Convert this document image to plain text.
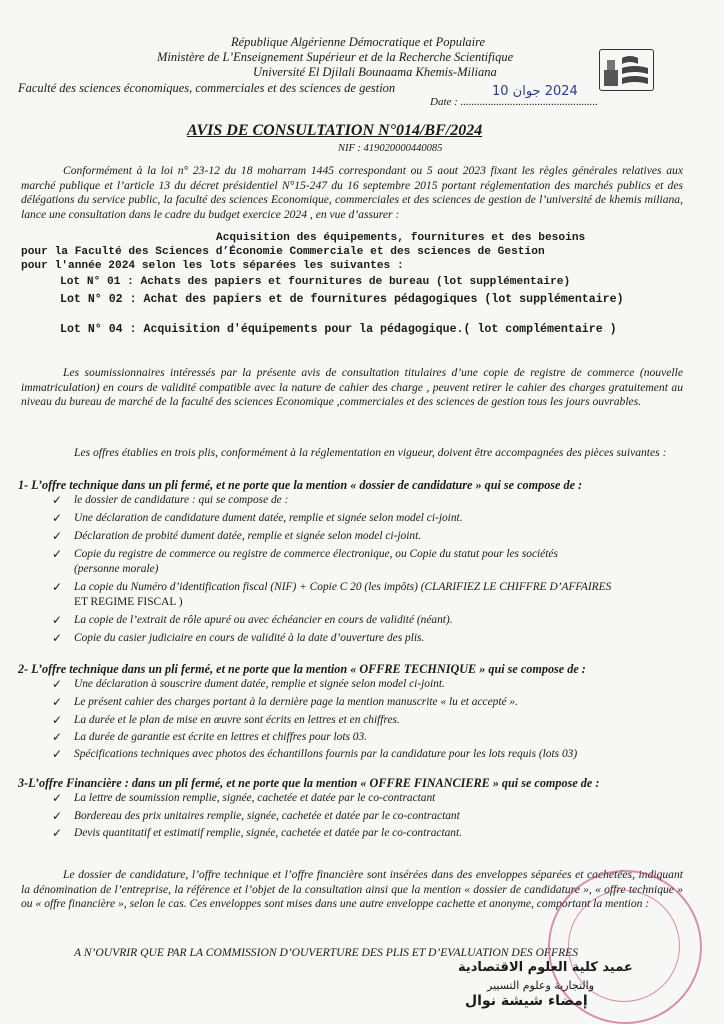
République Algérienne Démocratique et Populaire
Ministère de L’Enseignement Supérieur et de la Recherche Scientifique
Université El Djilali Bounaama Khemis-Miliana
Faculté des sciences économiques, commerciales et des sciences de gestion
Date : ..................................................
2024 جوان 10
AVIS DE CONSULTATION N°014/BF/2024
NIF : 419020000440085
Conformément à la loi n° 23-12 du 18 moharram 1445 correspondant ou 5 aout 2023 fixant les règles générales relatives aux marché publique et l’article 13 du décret présidentiel N°15-247 du 16 septembre 2015 portant réglementation des marchés publics et des délégations du service public, la faculté des sciences Economique, commerciales et des sciences de gestion de l’université de khemis miliana, lance une consultation dans le cadre du budget exercice 2024 , en vue d’assurer :
Acquisition des équipements, fournitures et des besoins
pour la Faculté des Sciences d’Économie Commerciale et des sciences de Gestion
pour l'année 2024 selon les lots séparées les suivantes :
Lot N° 01 : Achats des papiers et fournitures de bureau (lot supplémentaire)
Lot N° 02 : Achat des papiers et de fournitures pédagogiques (lot supplémentaire)
Lot N° 04 : Acquisition d'équipements pour la pédagogique.( lot complémentaire )
Les soumissionnaires intéressés par la présente avis de consultation titulaires d’une copie de registre de commerce (nouvelle immatriculation) en cours de validité compatible avec la nature de cahier des charge , peuvent retirer le cahier des charges gratuitement au niveau du bureau de marché de la faculté des sciences Economique ,commerciales et des sciences de gestion tous les jours ouvrables.
Les offres établies en trois plis, conformément à la réglementation en vigueur, doivent être accompagnées des pièces suivantes :
1- L’offre technique dans un pli fermé, et ne porte que la mention « dossier de candidature » qui se compose de :
✓ le dossier de candidature : qui se compose de :
✓ Une déclaration de candidature dument datée, remplie et signée selon model ci-joint.
✓ Déclaration de probité dument datée, remplie et signée selon model ci-joint.
✓ Copie du registre de commerce ou registre de commerce électronique, ou Copie du statut pour les sociétés
(personne morale)
✓ La copie du Numéro d’identification fiscal (NIF) + Copie C 20 (les impôts) (CLARIFIEZ LE CHIFFRE D’AFFAIRES
ET REGIME FISCAL )
✓ La copie de l’extrait de rôle apuré ou avec échéancier en cours de validité (néant).
✓ Copie du casier judiciaire en cours de validité à la date d’ouverture des plis.
2- L’offre technique dans un pli fermé, et ne porte que la mention « OFFRE TECHNIQUE » qui se compose de :
✓ Une déclaration à souscrire dument datée, remplie et signée selon model ci-joint.
✓ Le présent cahier des charges portant à la dernière page la mention manuscrite « lu et accepté ».
✓ La durée et le plan de mise en œuvre sont écrits en lettres et en chiffres.
✓ La durée de garantie est écrite en lettres et chiffres pour lots 03.
✓ Spécifications techniques avec photos des échantillons fournis par la candidature pour les lots requis (lots 03)
3-L’offre Financière : dans un pli fermé, et ne porte que la mention « OFFRE FINANCIERE » qui se compose de :
✓ La lettre de soumission remplie, signée, cachetée et datée par le co-contractant
✓ Bordereau des prix unitaires remplie, signée, cachetée et datée par le co-contractant
✓ Devis quantitatif et estimatif remplie, signée, cachetée et datée par le co-contractant.
Le dossier de candidature, l’offre technique et l’offre financière sont insérées dans des enveloppes séparées et cachetées, indiquant la dénomination de l’entreprise, la référence et l’objet de la consultation ainsi que la mention « dossier de candidature », « offre technique » ou « offre financière », selon le cas. Ces enveloppes sont mises dans une autre enveloppe cachette et anonyme, comportant la mention :
A N’OUVRIR QUE PAR LA COMMISSION D’OUVERTURE DES PLIS ET D’EVALUATION DES OFFRES
عميد كلية العلوم الاقتصادية
والتجارية وعلوم التسيير
إمضاء شيشة نوال
